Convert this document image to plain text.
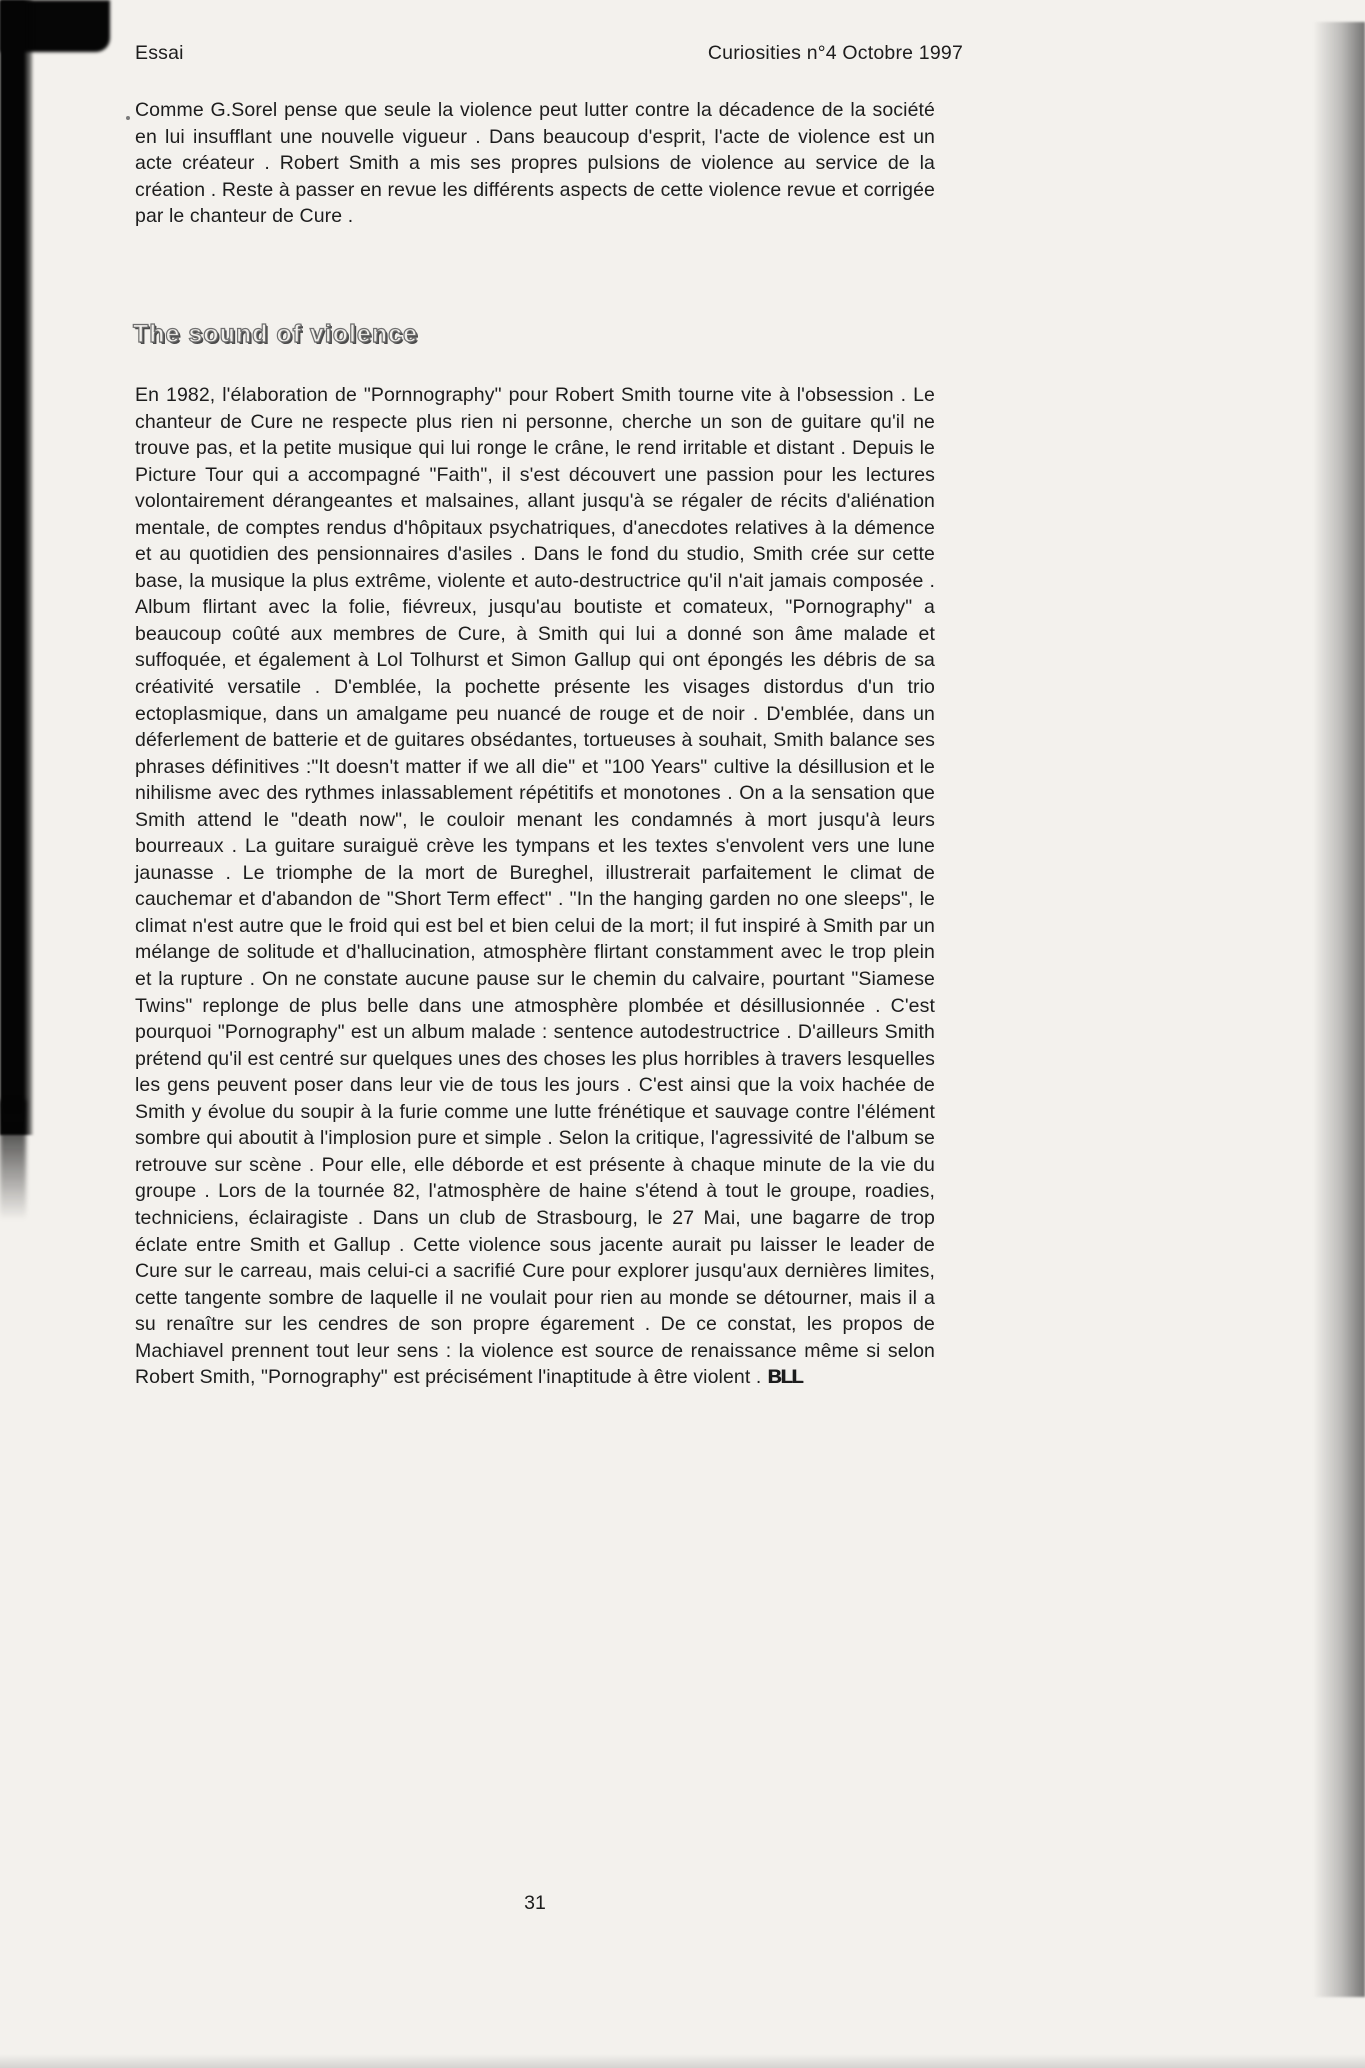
Essai	Curiosities n°4 Octobre 1997

Comme G.Sorel pense que seule la violence peut lutter contre la décadence de la société en lui insufflant une nouvelle vigueur . Dans beaucoup d'esprit, l'acte de violence est un acte créateur . Robert Smith a mis ses propres pulsions de violence au service de la création . Reste à passer en revue les différents aspects de cette violence revue et corrigée par le chanteur de Cure .

The sound of violence

En 1982, l'élaboration de "Pornnography" pour Robert Smith tourne vite à l'obsession . Le chanteur de Cure ne respecte plus rien ni personne, cherche un son de guitare qu'il ne trouve pas, et la petite musique qui lui ronge le crâne, le rend irritable et distant . Depuis le Picture Tour qui a accompagné "Faith", il s'est découvert une passion pour les lectures volontairement dérangeantes et malsaines, allant jusqu'à se régaler de récits d'aliénation mentale, de comptes rendus d'hôpitaux psychatriques, d'anecdotes relatives à la démence et au quotidien des pensionnaires d'asiles . Dans le fond du studio, Smith crée sur cette base, la musique la plus extrême, violente et auto-destructrice qu'il n'ait jamais composée . Album flirtant avec la folie, fiévreux, jusqu'au boutiste et comateux, "Pornography" a beaucoup coûté aux membres de Cure, à Smith qui lui a donné son âme malade et suffoquée, et également à Lol Tolhurst et Simon Gallup qui ont épongés les débris de sa créativité versatile . D'emblée, la pochette présente les visages distordus d'un trio ectoplasmique, dans un amalgame peu nuancé de rouge et de noir . D'emblée, dans un déferlement de batterie et de guitares obsédantes, tortueuses à souhait, Smith balance ses phrases définitives :"It doesn't matter if we all die" et "100 Years" cultive la désillusion et le nihilisme avec des rythmes inlassablement répétitifs et monotones . On a la sensation que Smith attend le "death now", le couloir menant les condamnés à mort jusqu'à leurs bourreaux . La guitare suraiguë crève les tympans et les textes s'envolent vers une lune jaunasse . Le triomphe de la mort de Bureghel, illustrerait parfaitement le climat de cauchemar et d'abandon de "Short Term effect" . "In the hanging garden no one sleeps", le climat n'est autre que le froid qui est bel et bien celui de la mort; il fut inspiré à Smith par un mélange de solitude et d'hallucination, atmosphère flirtant constamment avec le trop plein et la rupture . On ne constate aucune pause sur le chemin du calvaire, pourtant "Siamese Twins" replonge de plus belle dans une atmosphère plombée et désillusionnée . C'est pourquoi "Pornography" est un album malade : sentence autodestructrice . D'ailleurs Smith prétend qu'il est centré sur quelques unes des choses les plus horribles à travers lesquelles les gens peuvent poser dans leur vie de tous les jours . C'est ainsi que la voix hachée de Smith y évolue du soupir à la furie comme une lutte frénétique et sauvage contre l'élément sombre qui aboutit à l'implosion pure et simple . Selon la critique, l'agressivité de l'album se retrouve sur scène . Pour elle, elle déborde et est présente à chaque minute de la vie du groupe . Lors de la tournée 82, l'atmosphère de haine s'étend à tout le groupe, roadies, techniciens, éclairagiste . Dans un club de Strasbourg, le 27 Mai, une bagarre de trop éclate entre Smith et Gallup . Cette violence sous jacente aurait pu laisser le leader de Cure sur le carreau, mais celui-ci a sacrifié Cure pour explorer jusqu'aux dernières limites, cette tangente sombre de laquelle il ne voulait pour rien au monde se détourner, mais il a su renaître sur les cendres de son propre égarement . De ce constat, les propos de Machiavel prennent tout leur sens : la violence est source de renaissance même si selon Robert Smith, "Pornography" est précisément l'inaptitude à être violent . BLL

31
